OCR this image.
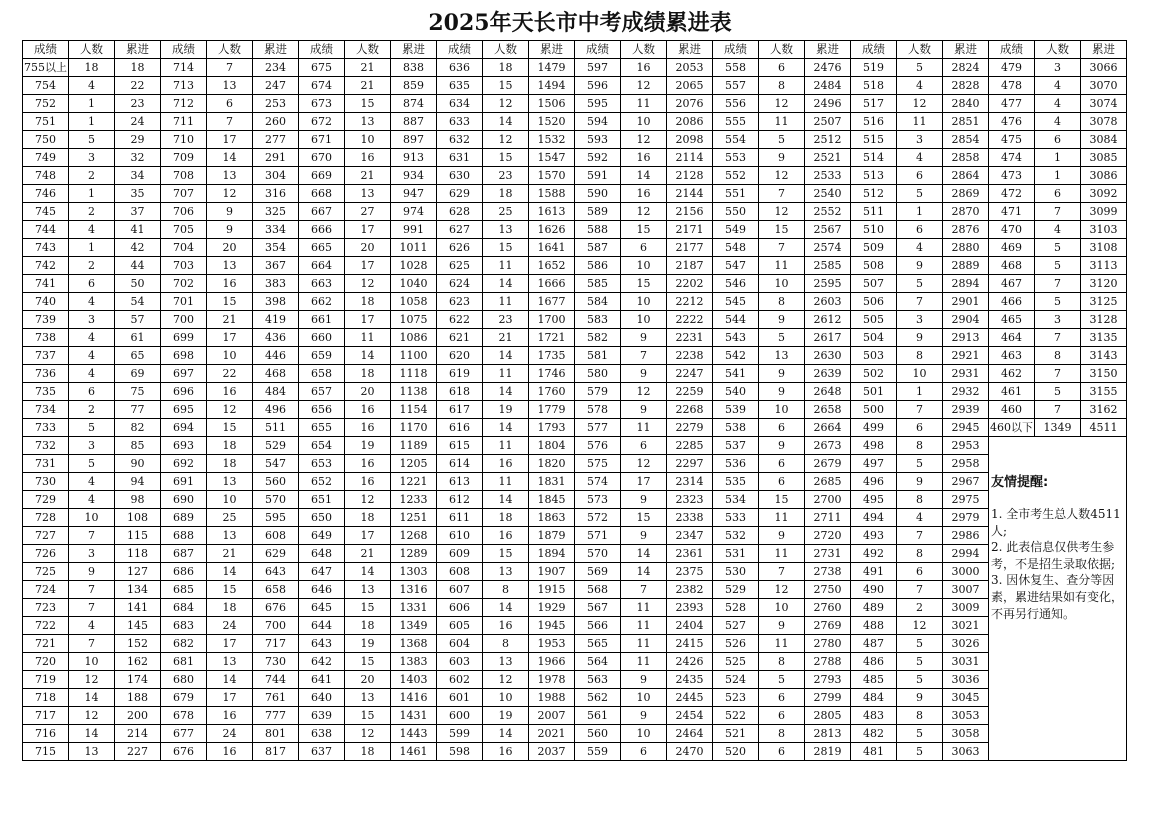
2025年天长市中考成绩累进表
成绩	人数	累进	成绩	人数	累进	成绩	人数	累进	成绩	人数	累进	成绩	人数	累进	成绩	人数	累进	成绩	人数	累进	成绩	人数	累进
755以上	18	18	714	7	234	675	21	838	636	18	1479	597	16	2053	558	6	2476	519	5	2824	479	3	3066
754	4	22	713	13	247	674	21	859	635	15	1494	596	12	2065	557	8	2484	518	4	2828	478	4	3070
752	1	23	712	6	253	673	15	874	634	12	1506	595	11	2076	556	12	2496	517	12	2840	477	4	3074
751	1	24	711	7	260	672	13	887	633	14	1520	594	10	2086	555	11	2507	516	11	2851	476	4	3078
750	5	29	710	17	277	671	10	897	632	12	1532	593	12	2098	554	5	2512	515	3	2854	475	6	3084
749	3	32	709	14	291	670	16	913	631	15	1547	592	16	2114	553	9	2521	514	4	2858	474	1	3085
748	2	34	708	13	304	669	21	934	630	23	1570	591	14	2128	552	12	2533	513	6	2864	473	1	3086
746	1	35	707	12	316	668	13	947	629	18	1588	590	16	2144	551	7	2540	512	5	2869	472	6	3092
745	2	37	706	9	325	667	27	974	628	25	1613	589	12	2156	550	12	2552	511	1	2870	471	7	3099
744	4	41	705	9	334	666	17	991	627	13	1626	588	15	2171	549	15	2567	510	6	2876	470	4	3103
743	1	42	704	20	354	665	20	1011	626	15	1641	587	6	2177	548	7	2574	509	4	2880	469	5	3108
742	2	44	703	13	367	664	17	1028	625	11	1652	586	10	2187	547	11	2585	508	9	2889	468	5	3113
741	6	50	702	16	383	663	12	1040	624	14	1666	585	15	2202	546	10	2595	507	5	2894	467	7	3120
740	4	54	701	15	398	662	18	1058	623	11	1677	584	10	2212	545	8	2603	506	7	2901	466	5	3125
739	3	57	700	21	419	661	17	1075	622	23	1700	583	10	2222	544	9	2612	505	3	2904	465	3	3128
738	4	61	699	17	436	660	11	1086	621	21	1721	582	9	2231	543	5	2617	504	9	2913	464	7	3135
737	4	65	698	10	446	659	14	1100	620	14	1735	581	7	2238	542	13	2630	503	8	2921	463	8	3143
736	4	69	697	22	468	658	18	1118	619	11	1746	580	9	2247	541	9	2639	502	10	2931	462	7	3150
735	6	75	696	16	484	657	20	1138	618	14	1760	579	12	2259	540	9	2648	501	1	2932	461	5	3155
734	2	77	695	12	496	656	16	1154	617	19	1779	578	9	2268	539	10	2658	500	7	2939	460	7	3162
733	5	82	694	15	511	655	16	1170	616	14	1793	577	11	2279	538	6	2664	499	6	2945	460以下	1349	4511
732	3	85	693	18	529	654	19	1189	615	11	1804	576	6	2285	537	9	2673	498	8	2953	友情提醒:
1. 全市考生总人数4511人;
2. 此表信息仅供考生参考，不是招生录取依据;
3. 因休复生、查分等因素，累进结果如有变化，不再另行通知。		

731	5	90	692	18	547	653	16	1205	614	16	1820	575	12	2297	536	6	2679	497	5	2958			
730	4	94	691	13	560	652	16	1221	613	11	1831	574	17	2314	535	6	2685	496	9	2967			
729	4	98	690	10	570	651	12	1233	612	14	1845	573	9	2323	534	15	2700	495	8	2975			
728	10	108	689	25	595	650	18	1251	611	18	1863	572	15	2338	533	11	2711	494	4	2979			
727	7	115	688	13	608	649	17	1268	610	16	1879	571	9	2347	532	9	2720	493	7	2986			
726	3	118	687	21	629	648	21	1289	609	15	1894	570	14	2361	531	11	2731	492	8	2994			
725	9	127	686	14	643	647	14	1303	608	13	1907	569	14	2375	530	7	2738	491	6	3000			
724	7	134	685	15	658	646	13	1316	607	8	1915	568	7	2382	529	12	2750	490	7	3007			
723	7	141	684	18	676	645	15	1331	606	14	1929	567	11	2393	528	10	2760	489	2	3009			
722	4	145	683	24	700	644	18	1349	605	16	1945	566	11	2404	527	9	2769	488	12	3021			
721	7	152	682	17	717	643	19	1368	604	8	1953	565	11	2415	526	11	2780	487	5	3026			
720	10	162	681	13	730	642	15	1383	603	13	1966	564	11	2426	525	8	2788	486	5	3031			
719	12	174	680	14	744	641	20	1403	602	12	1978	563	9	2435	524	5	2793	485	5	3036			
718	14	188	679	17	761	640	13	1416	601	10	1988	562	10	2445	523	6	2799	484	9	3045			
717	12	200	678	16	777	639	15	1431	600	19	2007	561	9	2454	522	6	2805	483	8	3053			
716	14	214	677	24	801	638	12	1443	599	14	2021	560	10	2464	521	8	2813	482	5	3058			
715	13	227	676	16	817	637	18	1461	598	16	2037	559	6	2470	520	6	2819	481	5	3063			
